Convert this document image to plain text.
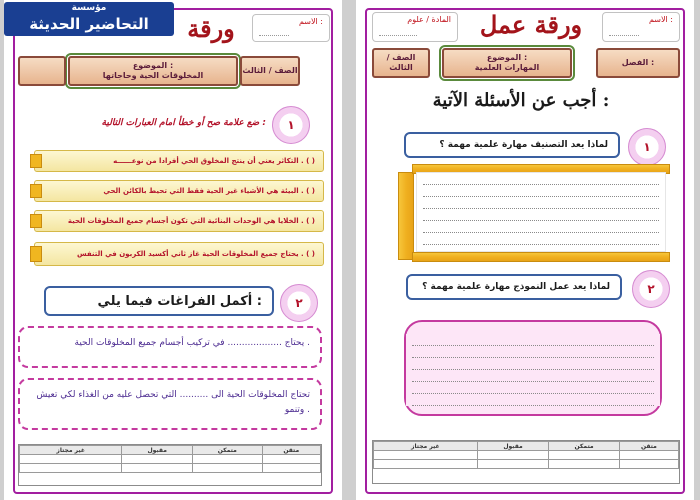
مؤسسة
التحاضير الحديثة	ورقة	الاسم :
الموضوع :
المخلوقات الحية وحاجاتها
الصف / الثالث
١
ضع علامة صح أو خطأ امام العبارات التالية :
التكاثر يعني أن ينتج المخلوق الحي أفرادا من نوعــــــه . ( )
البيئة هي الأشياء غير الحية فقط التي تحيط بالكائن الحي . ( )
الخلايا هي الوحدات البنائية التي تكون أجسام جميع المخلوقات الحية . ( )
يحتاج جميع المخلوقات الحية غاز ثاني أكسيد الكربون في التنفس . ( )
أكمل الفراغات فيما يلي :	٢
يحتاج ................... في تركيب أجسام جميع المخلوقات الحية .
تحتاج المخلوقات الحية الى .......... التي تحصل عليه من الغذاء لكي تعيش وتنمو .
غير مجتاز	مقبول	متمكن	متقن

المادة / علوم	ورقة عمل	الاسم :
الصف / الثالث
الموضوع :
المهارات العلمية
الفصل :
أجب عن الأسئلة الآتية :
لماذا يعد التصنيف مهارة علمية مهمة ؟	١
لماذا يعد عمل النموذج مهارة علمية مهمة ؟	٢
غير مجتاز	مقبول	متمكن	متقن
